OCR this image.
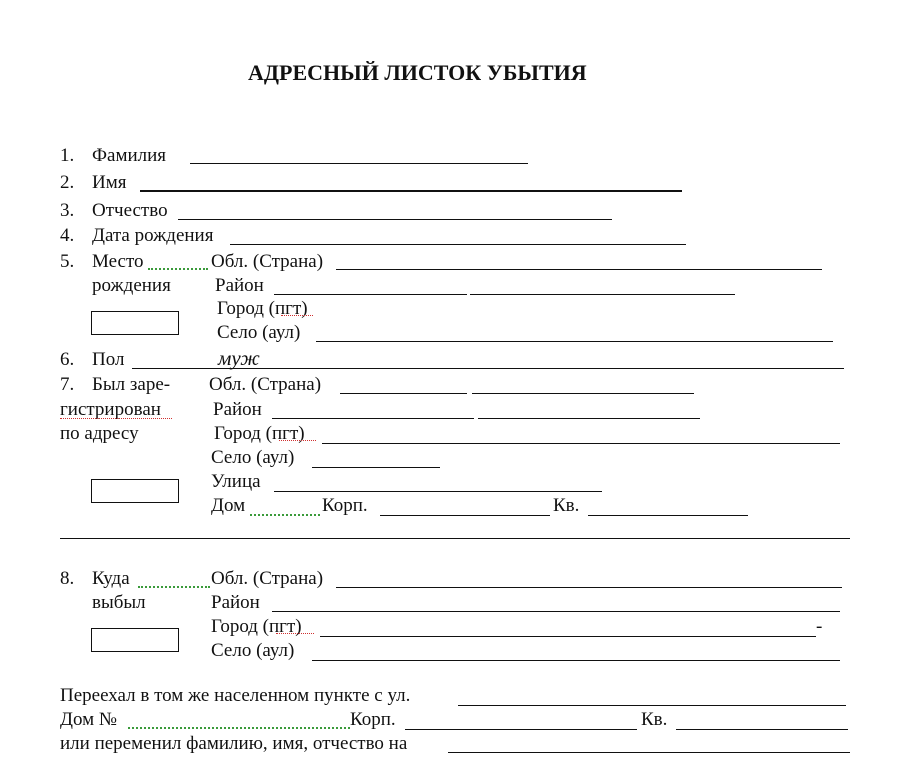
АДРЕСНЫЙ ЛИСТОК УБЫТИЯ
1. Фамилия
2. Имя
3. Отчество
4. Дата рождения
5. Место
рождения
Обл. (Страна)
Район
Город (пгт)
Село (аул)
6. Пол	муж
7. Был заре-
гистрирован
по адресу
Обл. (Страна)
Район
Город (пгт)
Село (аул)
Улица
Дом	Корп.	Кв.
8. Куда
выбыл
Обл. (Страна)
Район
Город (пгт)	-
Село (аул)
Переехал в том же населенном пункте с ул.
Дом №	Корп.	Кв.
или переменил фамилию, имя, отчество на
